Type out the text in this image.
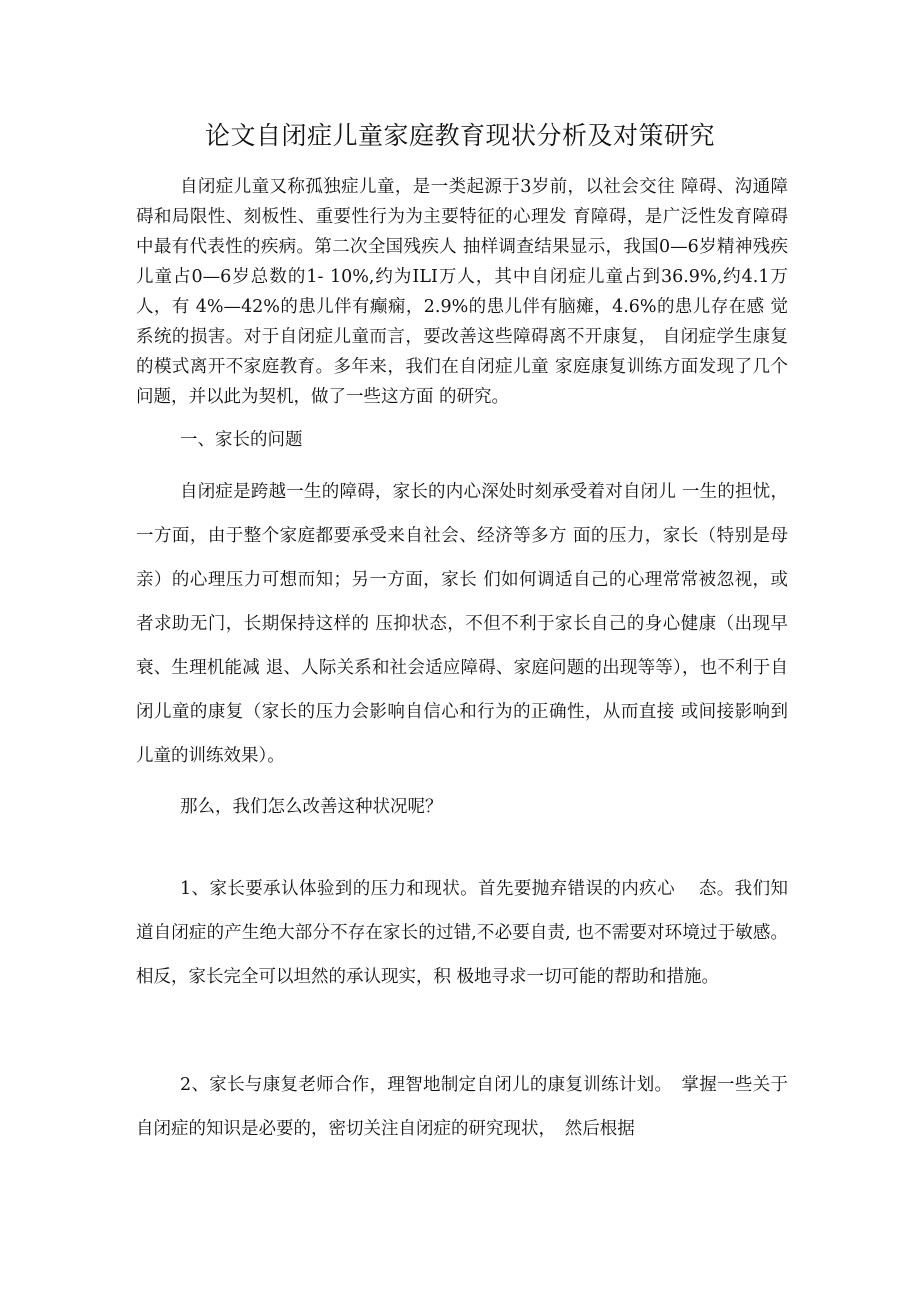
论文自闭症儿童家庭教育现状分析及对策研究

自闭症儿童又称孤独症儿童，是一类起源于3岁前，以社会交往 障碍、沟通障碍和局限性、刻板性、重要性行为为主要特征的心理发 育障碍，是广泛性发育障碍中最有代表性的疾病。第二次全国残疾人 抽样调查结果显示，我国0—6岁精神残疾儿童占0—6岁总数的1- 10%,约为ILI万人，其中自闭症儿童占到36.9%,约4.1万人，有 4%—42%的患儿伴有癫痫，2.9%的患儿伴有脑瘫，4.6%的患儿存在感 觉系统的损害。对于自闭症儿童而言，要改善这些障碍离不开康复， 自闭症学生康复的模式离开不家庭教育。多年来，我们在自闭症儿童 家庭康复训练方面发现了几个问题，并以此为契机，做了一些这方面 的研究。

一、家长的问题

自闭症是跨越一生的障碍，家长的内心深处时刻承受着对自闭儿 一生的担忧，一方面，由于整个家庭都要承受来自社会、经济等多方 面的压力，家长（特别是母亲）的心理压力可想而知；另一方面，家长 们如何调适自己的心理常常被忽视，或者求助无门，长期保持这样的 压抑状态，不但不利于家长自己的身心健康（出现早衰、生理机能减 退、人际关系和社会适应障碍、家庭问题的出现等等），也不利于自 闭儿童的康复（家长的压力会影响自信心和行为的正确性，从而直接 或间接影响到儿童的训练效果）。

那么，我们怎么改善这种状况呢？

1、家长要承认体验到的压力和现状。首先要抛弃错误的内疚心　 态。我们知道自闭症的产生绝大部分不存在家长的过错,不必要自责, 也不需要对环境过于敏感。相反，家长完全可以坦然的承认现实，积 极地寻求一切可能的帮助和措施。

2、家长与康复老师合作，理智地制定自闭儿的康复训练计划。　掌握一些关于自闭症的知识是必要的，密切关注自闭症的研究现状，　然后根据
